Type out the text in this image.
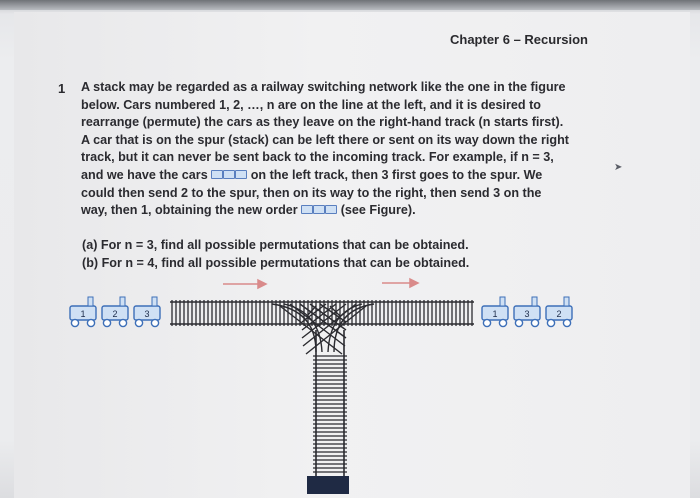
Chapter 6 – Recursion
1 A stack may be regarded as a railway switching network like the one in the figure
below. Cars numbered 1, 2, …, n are on the line at the left, and it is desired to
rearrange (permute) the cars as they leave on the right-hand track (n starts first).
A car that is on the spur (stack) can be left there or sent on its way down the right
track, but it can never be sent back to the incoming track. For example, if n = 3,
and we have the cars	on the left track, then 3 first goes to the spur. We
could then send 2 to the spur, then on its way to the right, then send 3 on the
way, then 1, obtaining the new order	(see Figure).
(a) For n = 3, find all possible permutations that can be obtained.
(b) For n = 4, find all possible permutations that can be obtained.
➤
1	2	3	1	3	2
